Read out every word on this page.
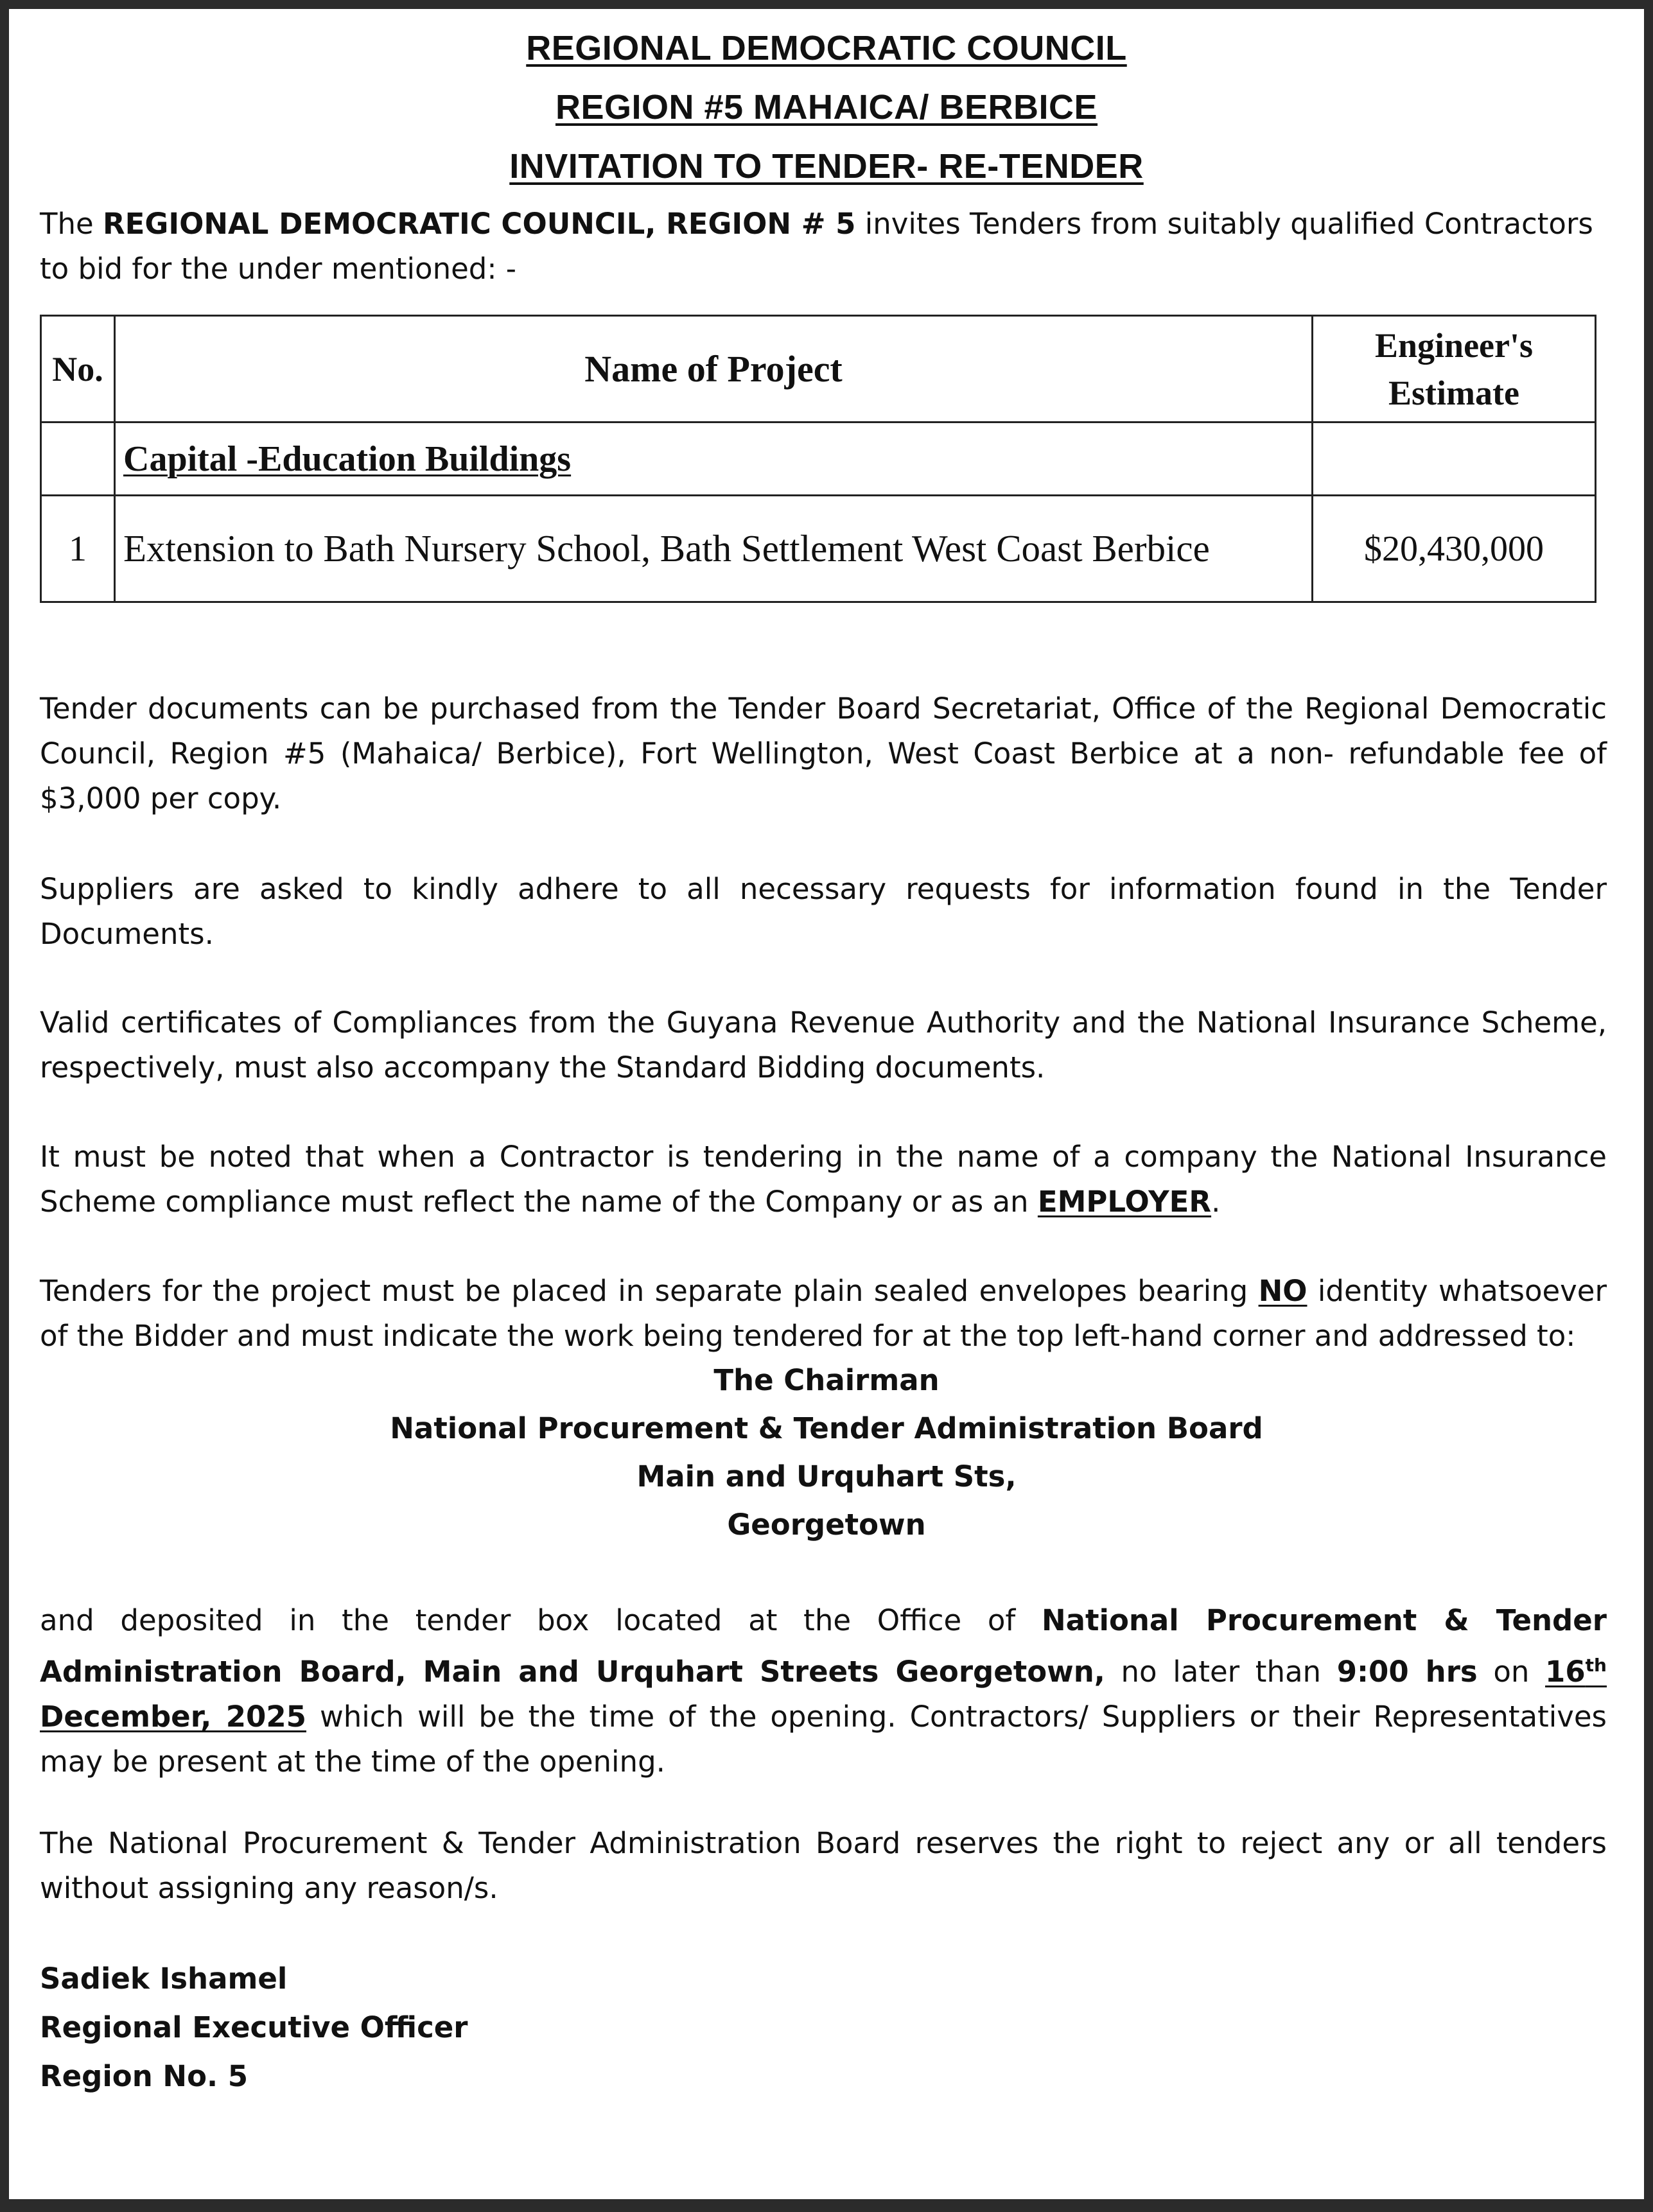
REGIONAL DEMOCRATIC COUNCIL
REGION #5 MAHAICA/ BERBICE
INVITATION TO TENDER- RE-TENDER
The REGIONAL DEMOCRATIC COUNCIL, REGION # 5 invites Tenders from suitably qualified Contractors
to bid for the under mentioned: -
No.	Name of Project	Engineer's
Estimate
	Capital -Education Buildings	
1	Extension to Bath Nursery School, Bath Settlement West Coast Berbice	$20,430,000
Tender documents can be purchased from the Tender Board Secretariat, Office of the Regional Democratic Council, Region #5 (Mahaica/ Berbice), Fort Wellington, West Coast Berbice at a non- refundable fee of $3,000 per copy.
Suppliers are asked to kindly adhere to all necessary requests for information found in the Tender Documents.
Valid certificates of Compliances from the Guyana Revenue Authority and the National Insurance Scheme, respectively, must also accompany the Standard Bidding documents.
It must be noted that when a Contractor is tendering in the name of a company the National Insurance Scheme compliance must reflect the name of the Company or as an EMPLOYER.
Tenders for the project must be placed in separate plain sealed envelopes bearing NO identity whatsoever of the Bidder and must indicate the work being tendered for at the top left-hand corner and addressed to:
The Chairman
National Procurement & Tender Administration Board
Main and Urquhart Sts,
Georgetown
and deposited in the tender box located at the Office of National Procurement & Tender Administration Board, Main and Urquhart Streets Georgetown, no later than 9:00 hrs on 16th December, 2025 which will be the time of the opening. Contractors/ Suppliers or their Representatives may be present at the time of the opening.
The National Procurement & Tender Administration Board reserves the right to reject any or all tenders without assigning any reason/s.
Sadiek Ishamel
Regional Executive Officer
Region No. 5
